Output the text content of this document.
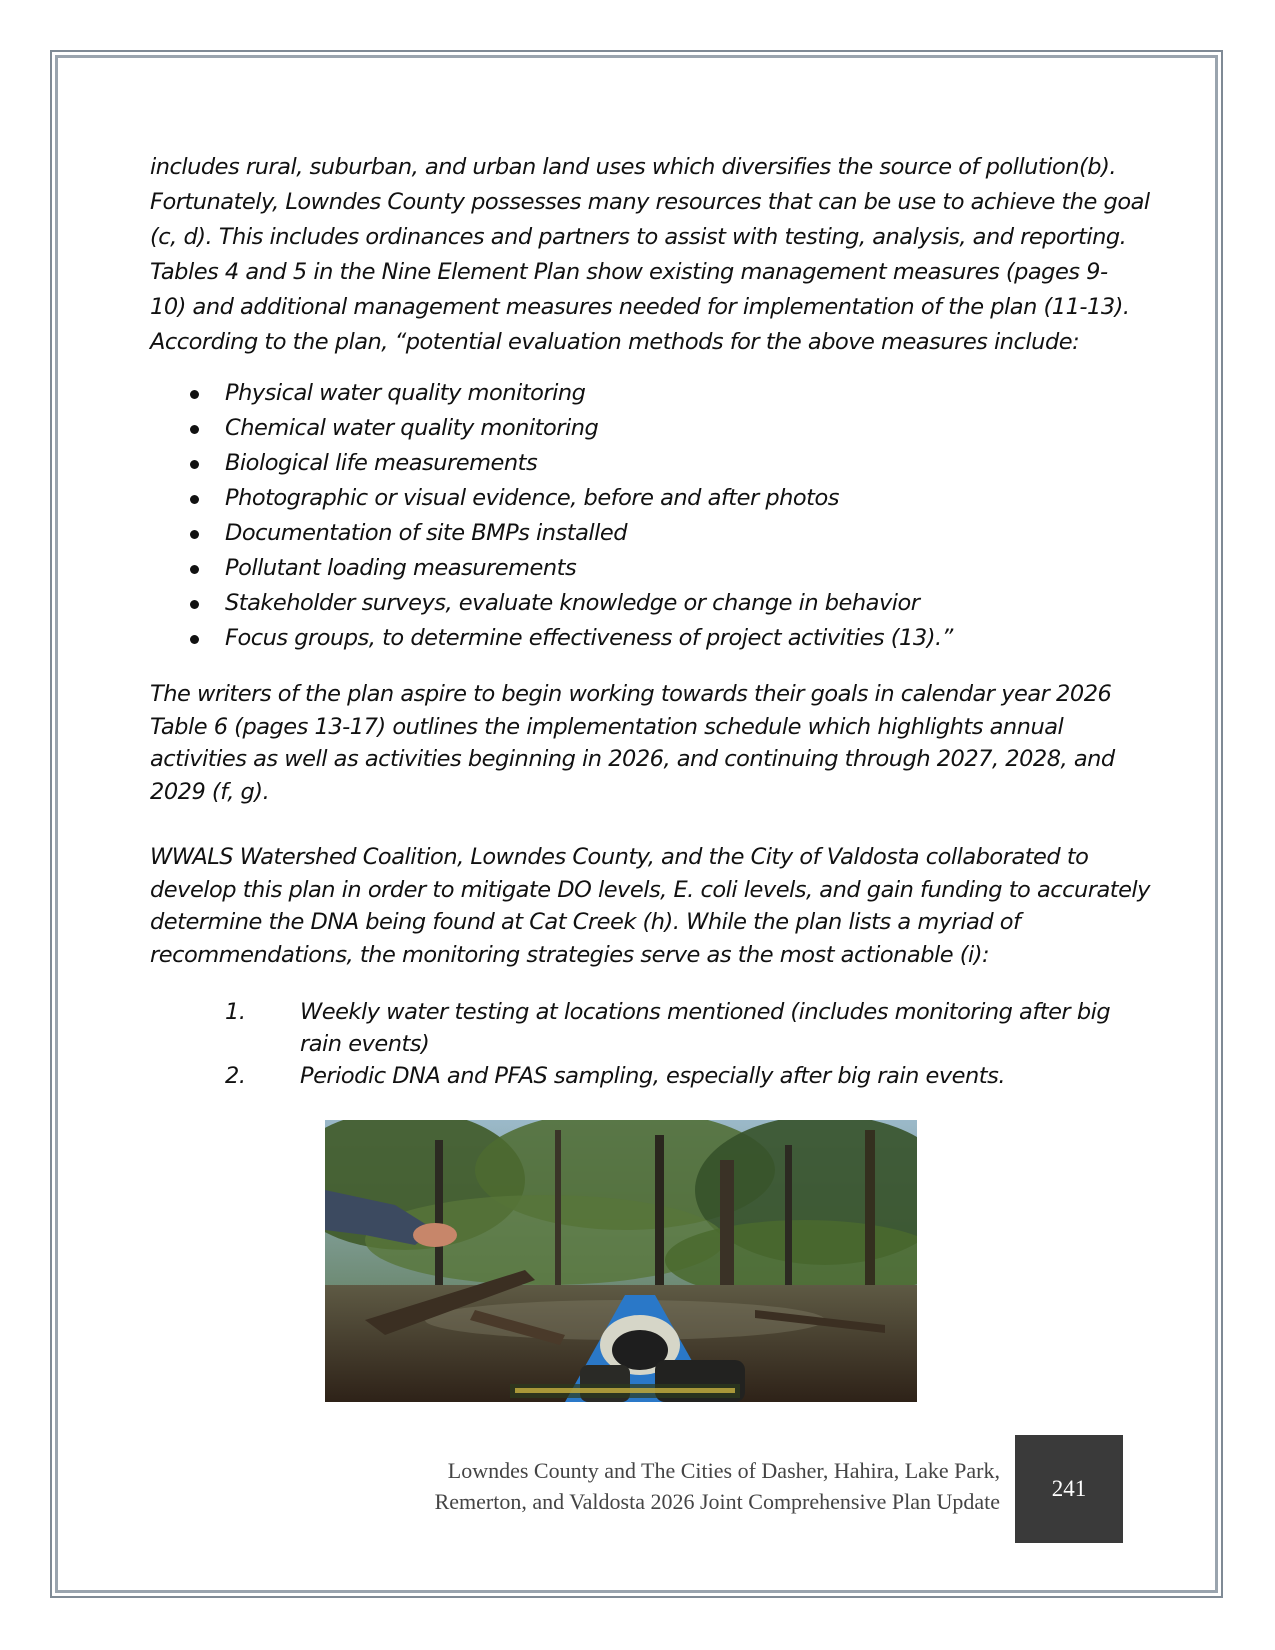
includes rural, suburban, and urban land uses which diversifies the source of pollution(b).
Fortunately, Lowndes County possesses many resources that can be use to achieve the goal
(c, d). This includes ordinances and partners to assist with testing, analysis, and reporting.
Tables 4 and 5 in the Nine Element Plan show existing management measures (pages 9-
10) and additional management measures needed for implementation of the plan (11-13).
According to the plan, “potential evaluation methods for the above measures include:

Physical water quality monitoring
Chemical water quality monitoring
Biological life measurements
Photographic or visual evidence, before and after photos
Documentation of site BMPs installed
Pollutant loading measurements
Stakeholder surveys, evaluate knowledge or change in behavior
Focus groups, to determine effectiveness of project activities (13).”

The writers of the plan aspire to begin working towards their goals in calendar year 2026
Table 6 (pages 13-17) outlines the implementation schedule which highlights annual
activities as well as activities beginning in 2026, and continuing through 2027, 2028, and
2029 (f, g).

WWALS Watershed Coalition, Lowndes County, and the City of Valdosta collaborated to
develop this plan in order to mitigate DO levels, E. coli levels, and gain funding to accurately
determine the DNA being found at Cat Creek (h). While the plan lists a myriad of
recommendations, the monitoring strategies serve as the most actionable (i):

1. Weekly water testing at locations mentioned (includes monitoring after big
rain events)
2. Periodic DNA and PFAS sampling, especially after big rain events.
Lowndes County and The Cities of Dasher, Hahira, Lake Park,
Remerton, and Valdosta 2026 Joint Comprehensive Plan Update
241
